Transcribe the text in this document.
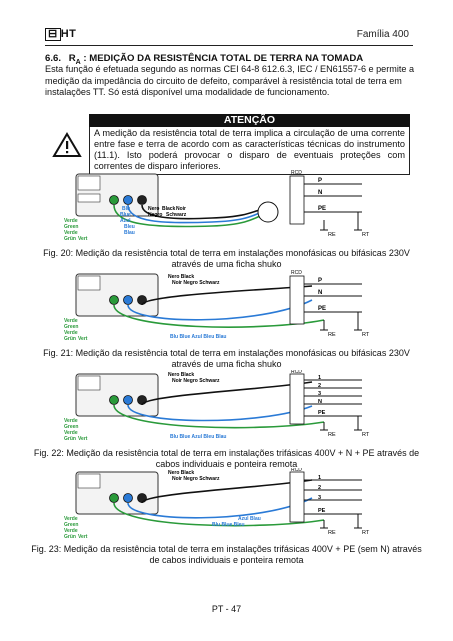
⊟ HT	Família 400
6.6. $R_A$ : MEDIÇÃO DA RESISTÊNCIA TOTAL DE TERRA NA TOMADA
Esta função é efetuada segundo as normas CEI 64-8 612.6.3, IEC / EN61557-6 e permite a medição da impedância do circuito de defeito, comparável à resistência total de terra em instalações TT. Só está disponível uma modalidade de funcionamento.
ATENÇÃO
A medição da resistência total de terra implica a circulação de uma corrente entre fase e terra de acordo com as características técnicas do instrumento (11.1). Isto poderá provocar o disparo de eventuais proteções com correntes de disparo inferiores.
RCD
P
N
PE
RE	RT
Verde
Green
Verde
Grün Vert
Blu
Blue
Azul
Bleu
Blau
Nero Black Noir
Negro Schwarz
Fig. 20: Medição da resistência total de terra em instalações monofásicas ou bifásicas 230V através de uma ficha shuko
RCD
P
N
PE
RE	RT
Nero Black
Noir Negro Schwarz
Blu Blue Azul Bleu Blau
Verde
Green
Verde
Grün Vert
Fig. 21: Medição da resistência total de terra em instalações monofásicas ou bifásicas 230V através de uma ficha shuko
RCD
1
2
3
N
PE
RE	RT
Nero Black
Noir Negro Schwarz
Blu Blue Azul Bleu Blau
Verde
Green
Verde
Grün Vert
Fig. 22: Medição da resistência total de terra em instalações trifásicas 400V + N + PE através de cabos individuais e ponteira remota
RCD
1
2
3
PE
RE	RT
Nero Black
Noir Negro Schwarz
Azul Blau
Blu Blue Bleu
Verde
Green
Verde
Grün Vert
Fig. 23: Medição da resistência total de terra em instalações trifásicas 400V + PE (sem N) através de cabos individuais e ponteira remota
PT - 47
